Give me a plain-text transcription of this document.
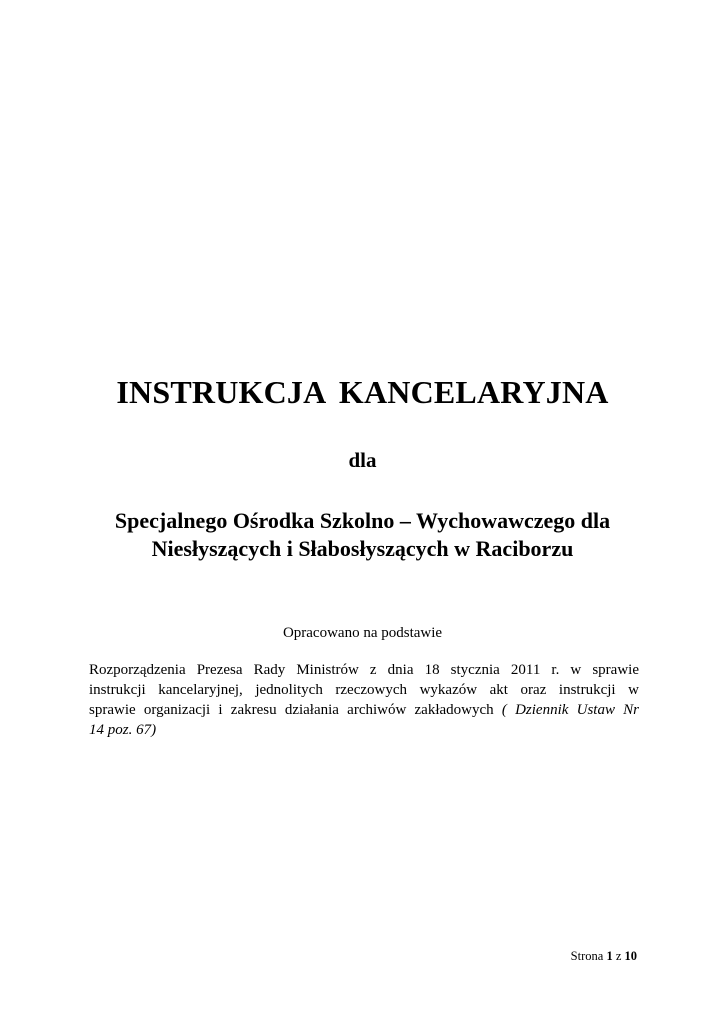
INSTRUKCJA KANCELARYJNA

dla

Specjalnego Ośrodka Szkolno – Wychowawczego dla
Niesłyszących i Słabosłyszących w Raciborzu

Opracowano na podstawie

Rozporządzenia Prezesa Rady Ministrów z dnia 18 stycznia 2011 r. w sprawie
instrukcji kancelaryjnej, jednolitych rzeczowych wykazów akt oraz instrukcji w
sprawie organizacji i zakresu działania archiwów zakładowych ( Dziennik Ustaw Nr
14 poz. 67)

Strona 1 z 10
